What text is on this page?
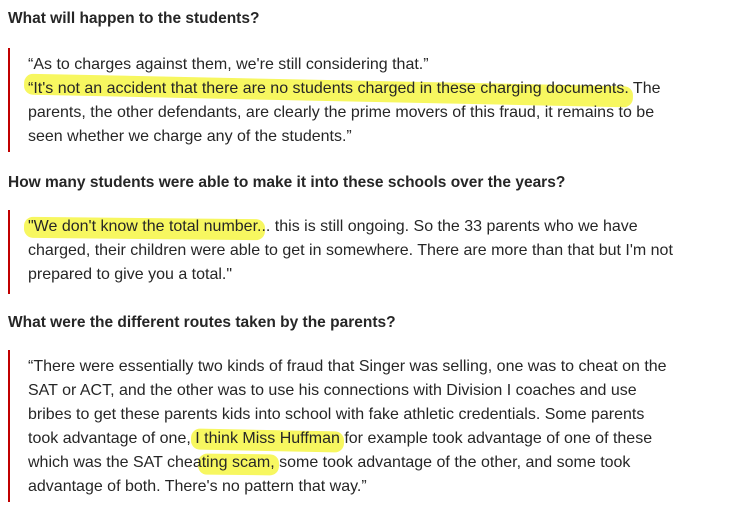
What will happen to the students?
“As to charges against them, we're still considering that.”
“It's not an accident that there are no students charged in these charging documents. The
parents, the other defendants, are clearly the prime movers of this fraud, it remains to be
seen whether we charge any of the students.”
How many students were able to make it into these schools over the years?
"We don't know the total number... this is still ongoing. So the 33 parents who we have
charged, their children were able to get in somewhere. There are more than that but I'm not
prepared to give you a total."
What were the different routes taken by the parents?
“There were essentially two kinds of fraud that Singer was selling, one was to cheat on the
SAT or ACT, and the other was to use his connections with Division I coaches and use
bribes to get these parents kids into school with fake athletic credentials. Some parents
took advantage of one, I think Miss Huffman for example took advantage of one of these
which was the SAT cheating scam, some took advantage of the other, and some took
advantage of both. There's no pattern that way.”
